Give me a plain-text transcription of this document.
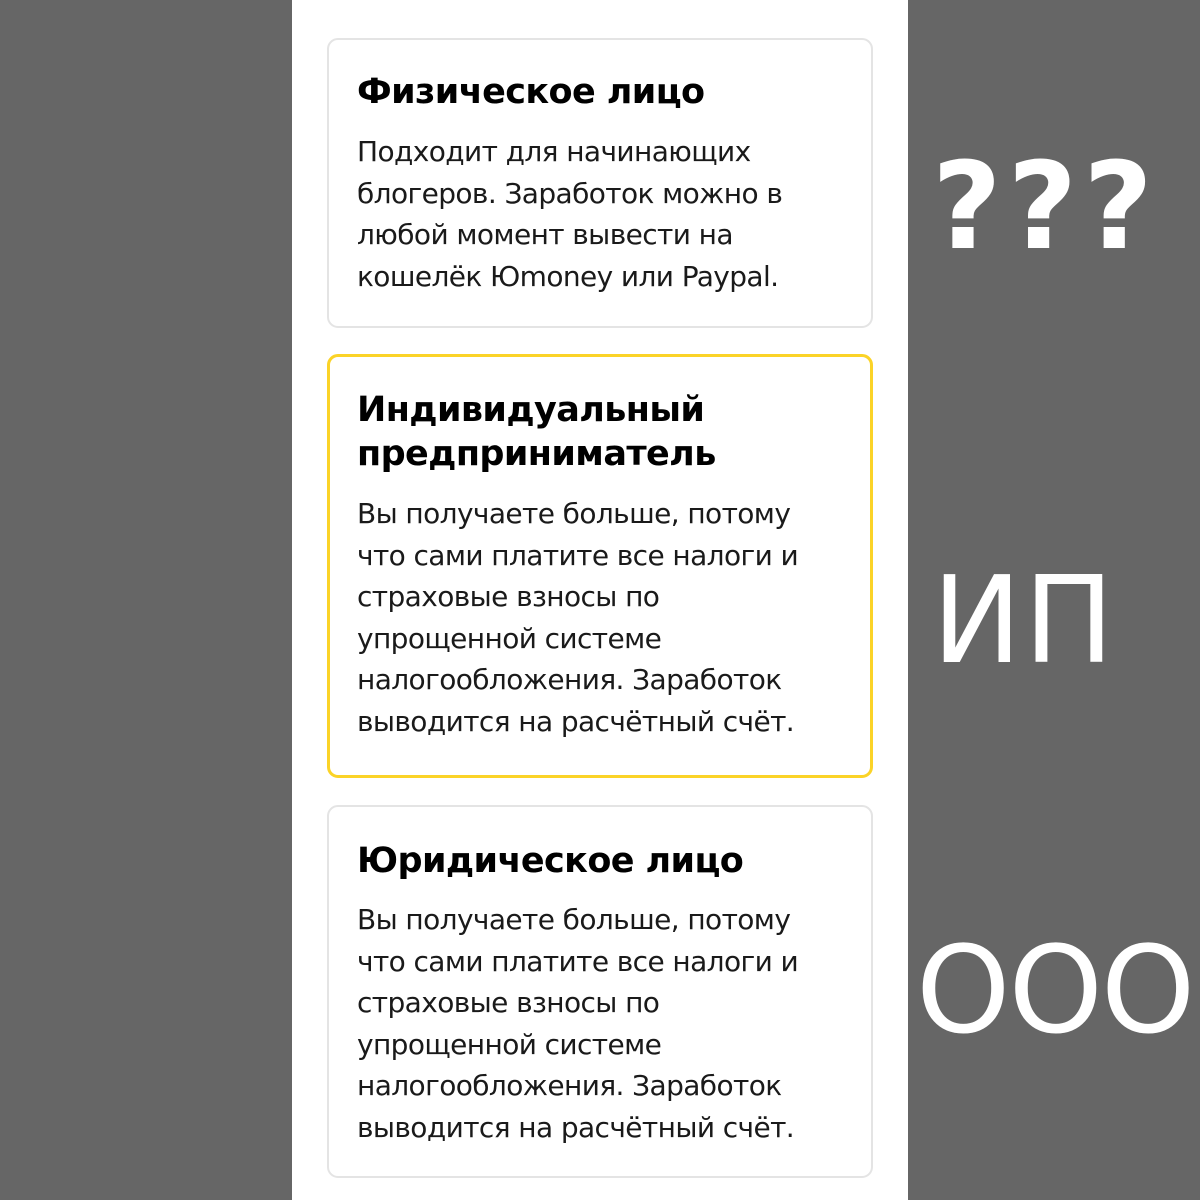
Физическое лицо
Подходит для начинающих
блогеров. Заработок можно в
любой момент вывести на
кошелёк Юmoney или Paypal.
Индивидуальный
предприниматель
Вы получаете больше, потому
что сами платите все налоги и
страховые взносы по
упрощенной системе
налогообложения. Заработок
выводится на расчётный счёт.
Юридическое лицо
Вы получаете больше, потому
что сами платите все налоги и
страховые взносы по
упрощенной системе
налогообложения. Заработок
выводится на расчётный счёт.
???
ИП
ООО
